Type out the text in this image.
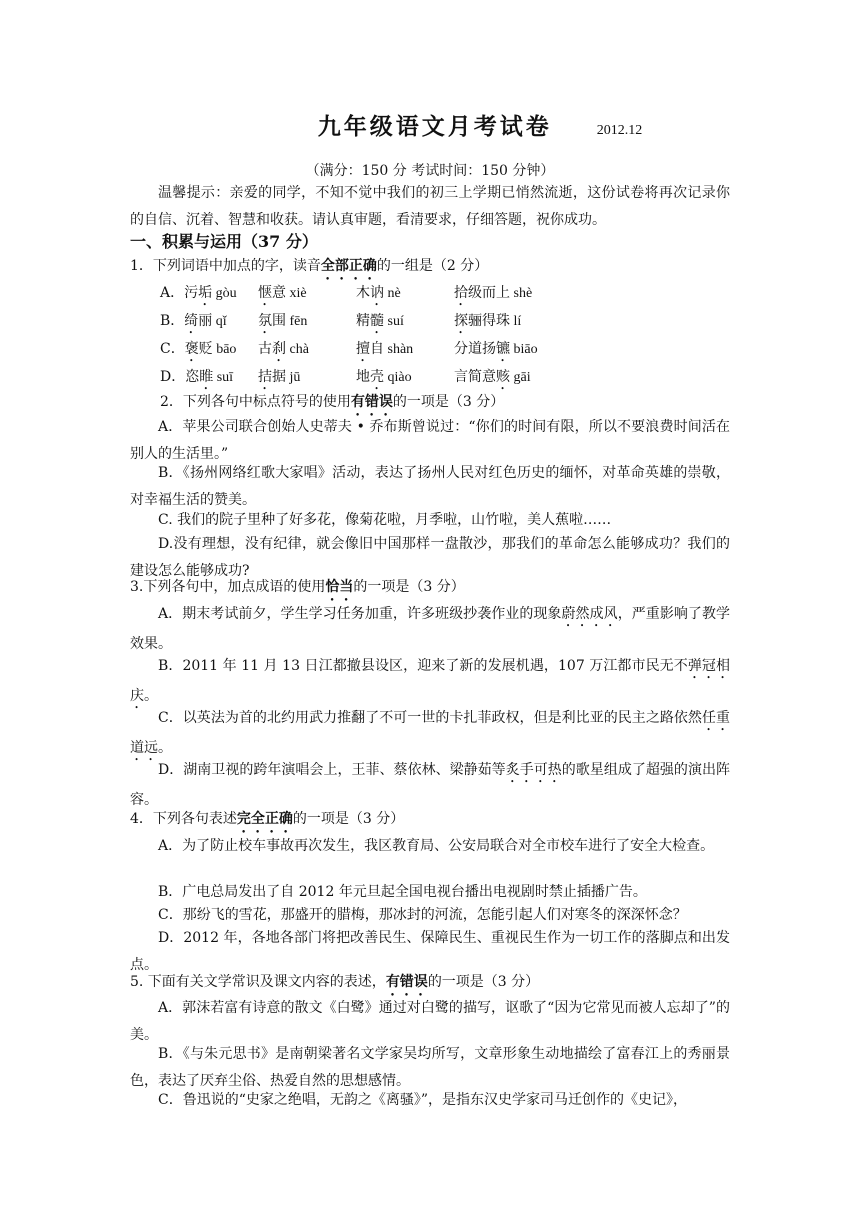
九年级语文月考试卷	2012.12
（满分：150 分 考试时间：150 分钟）
温馨提示：亲爱的同学，不知不觉中我们的初三上学期已悄然流逝，这份试卷将再次记录你的自信、沉着、智慧和收获。请认真审题，看清要求，仔细答题，祝你成功。
一、积累与运用（37 分）
1．下列词语中加点的字，读音全部正确的一组是（2 分）
A．污垢 gòu 惬意 xiè	木讷 nè	拾级而上 shè
B．绮丽 qǐ 氛围 fēn	精髓 suí	探骊得珠 lí
C．褒贬 bāo 古刹 chà	擅自 shàn	分道扬镳 biāo
D．恣睢 suī 拮据 jū	地壳 qiào	言简意赅 gāi
2．下列各句中标点符号的使用有错误的一项是（3 分）
A．苹果公司联合创始人史蒂夫 • 乔布斯曾说过：“你们的时间有限，所以不要浪费时间活在别人的生活里。”
B．《扬州网络红歌大家唱》活动，表达了扬州人民对红色历史的缅怀，对革命英雄的崇敬，对幸福生活的赞美。
C. 我们的院子里种了好多花，像菊花啦，月季啦，山竹啦，美人蕉啦……
D.没有理想，没有纪律，就会像旧中国那样一盘散沙，那我们的革命怎么能够成功？我们的建设怎么能够成功?
3.下列各句中，加点成语的使用恰当的一项是（3 分）
A．期末考试前夕，学生学习任务加重，许多班级抄袭作业的现象蔚然成风，严重影响了教学效果。
B．2011 年 11 月 13 日江都撤县设区，迎来了新的发展机遇，107 万江都市民无不弹冠相庆。
C．以英法为首的北约用武力推翻了不可一世的卡扎菲政权，但是利比亚的民主之路依然任重道远。
D．湖南卫视的跨年演唱会上，王菲、蔡依林、梁静茹等炙手可热的歌星组成了超强的演出阵容。
4．下列各句表述完全正确的一项是（3 分）
A．为了防止校车事故再次发生，我区教育局、公安局联合对全市校车进行了安全大检查。
B．广电总局发出了自 2012 年元旦起全国电视台播出电视剧时禁止插播广告。
C．那纷飞的雪花，那盛开的腊梅，那冰封的河流，怎能引起人们对寒冬的深深怀念？
D．2012 年，各地各部门将把改善民生、保障民生、重视民生作为一切工作的落脚点和出发点。
5. 下面有关文学常识及课文内容的表述，有错误的一项是（3 分）
A．郭沫若富有诗意的散文《白鹭》通过对白鹭的描写，讴歌了“因为它常见而被人忘却了”的美。
B．《与朱元思书》是南朝梁著名文学家吴均所写，文章形象生动地描绘了富春江上的秀丽景色，表达了厌弃尘俗、热爱自然的思想感情。
C．鲁迅说的“史家之绝唱，无韵之《离骚》”，是指东汉史学家司马迁创作的《史记》，
